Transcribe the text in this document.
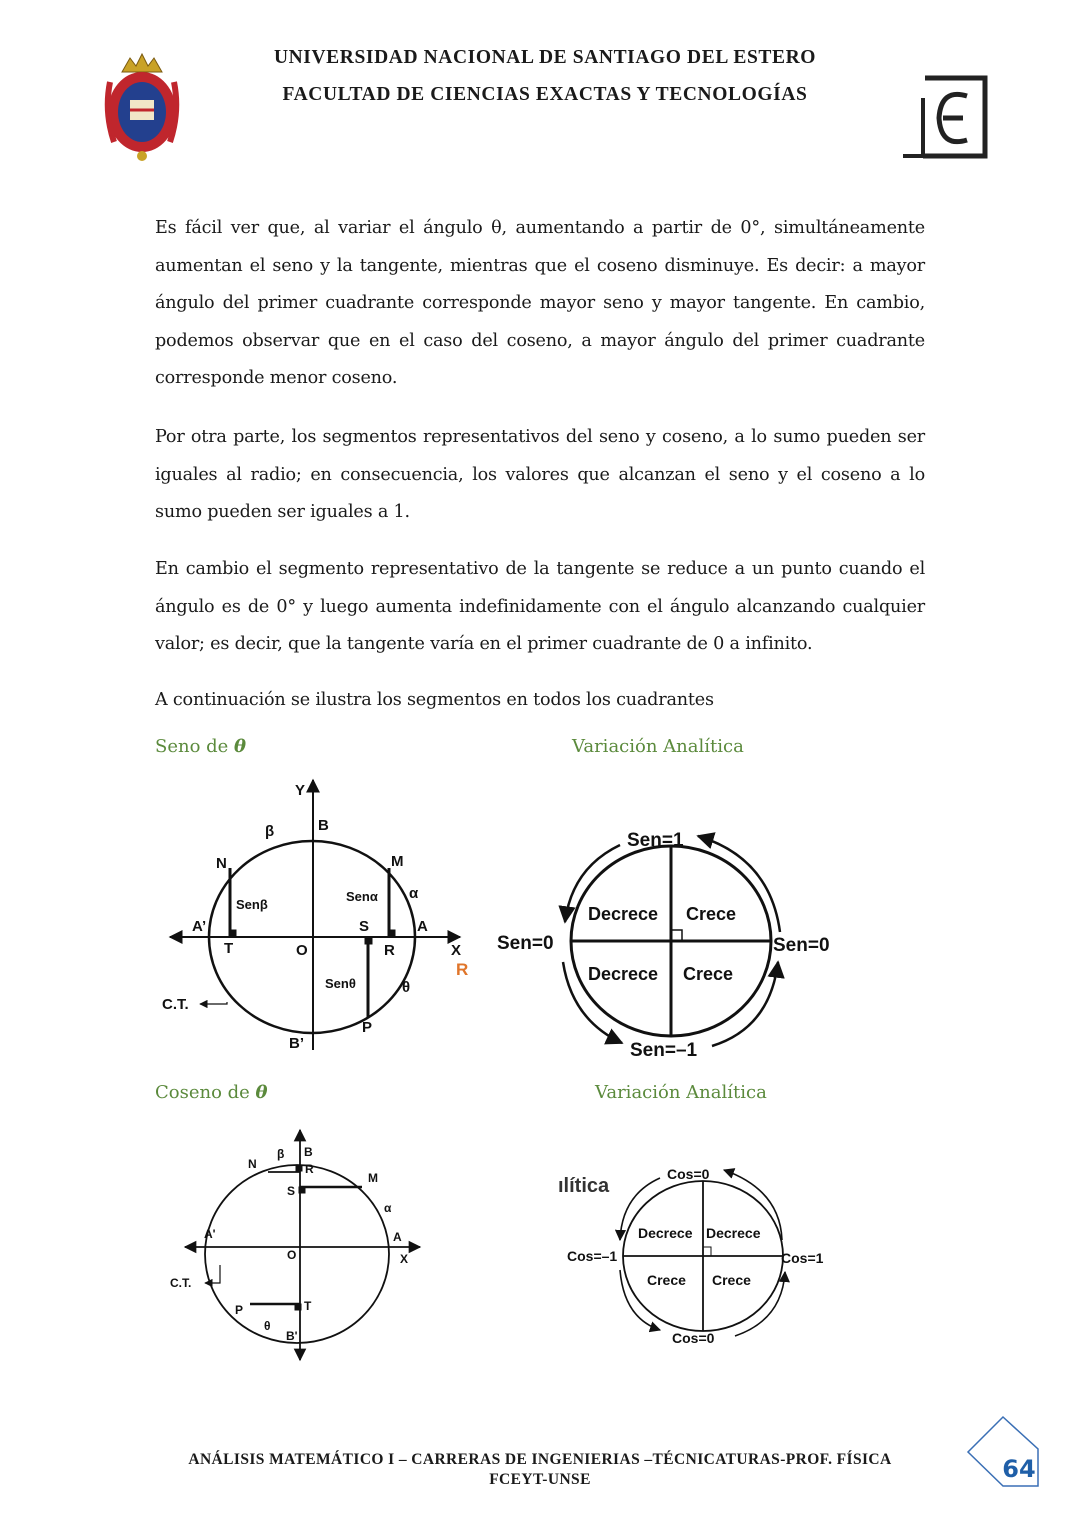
UNIVERSIDAD NACIONAL DE SANTIAGO DEL ESTERO
FACULTAD DE CIENCIAS EXACTAS Y TECNOLOGÍAS

Es fácil ver que, al variar el ángulo θ, aumentando a partir de 0°, simultáneamente aumentan el seno y la tangente, mientras que el coseno disminuye. Es decir: a mayor ángulo del primer cuadrante corresponde mayor seno y mayor tangente. En cambio, podemos observar que en el caso del coseno, a mayor ángulo del primer cuadrante corresponde menor coseno.

Por otra parte, los segmentos representativos del seno y coseno, a lo sumo pueden ser iguales al radio; en consecuencia, los valores que alcanzan el seno y el coseno a lo sumo pueden ser iguales a 1.

En cambio el segmento representativo de la tangente se reduce a un punto cuando el ángulo es de 0° y luego aumenta indefinidamente con el ángulo alcanzando cualquier valor; es decir, que la tangente varía en el primer cuadrante de 0 a infinito.

A continuación se ilustra los segmentos en todos los cuadrantes

Seno de θ	Variación Analítica
Coseno de θ	Variación Analítica
Y
X
B
B’
A
A’
O
N	M
T
S
R
P
β
α
θ
Senβ
Senα
Senθ
C.T.
R
Sen=1
Sen=0	Sen=0
Sen=–1
Decrece Crece
Decrece Crece
X
B
B'
A
A'
O
N
M
R
S
T
P
β
α
θ
C.T.
ılítica
Cos=0
Cos=–1	Cos=1
Cos=0
Decrece Decrece
Crece Crece
ANÁLISIS MATEMÁTICO I – CARRERAS DE INGENIERIAS –TÉCNICATURAS-PROF. FÍSICA
FCEYT-UNSE	64
